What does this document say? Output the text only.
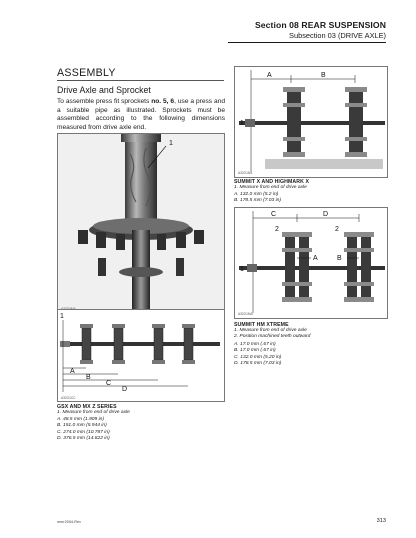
Section 08 REAR SUSPENSION
Subsection 03 (DRIVE AXLE)
ASSEMBLY
Drive Axle and Sprocket
To assemble press fit sprockets no. 5, 6, use a press and a suitable pipe as illustrated. Sprockets must be assembled according to the following dimensions measured from drive axle end.
1
1
A
B
C
D
A32G1CC
GSX AND MX Z SERIES
1. Measure from end of drive axle
A. 48.5 mm (1.909 in)
B. 151.0 mm (5.944 in)
C. 274.0 mm (10.787 in)
D. 376.5 mm (14.822 in)
A	B
1
A32G1NA
SUMMIT X AND HIGHMARK X
1. Measure from end of drive axle
A. 132.0 mm (5.2 in)
B. 178.5 mm (7.03 in)
C	D
2	2
A	B
1
A32G1MA
SUMMIT HM XTREME
1. Measure from end of drive axle
2. Position machined teeth outward
A. 17.0 mm (.67 in)
B. 17.0 mm (.67 in)
C. 132.0 mm (5.20 in)
D. 178.5 mm (7.03 in)
mmr2004-Rev	313
